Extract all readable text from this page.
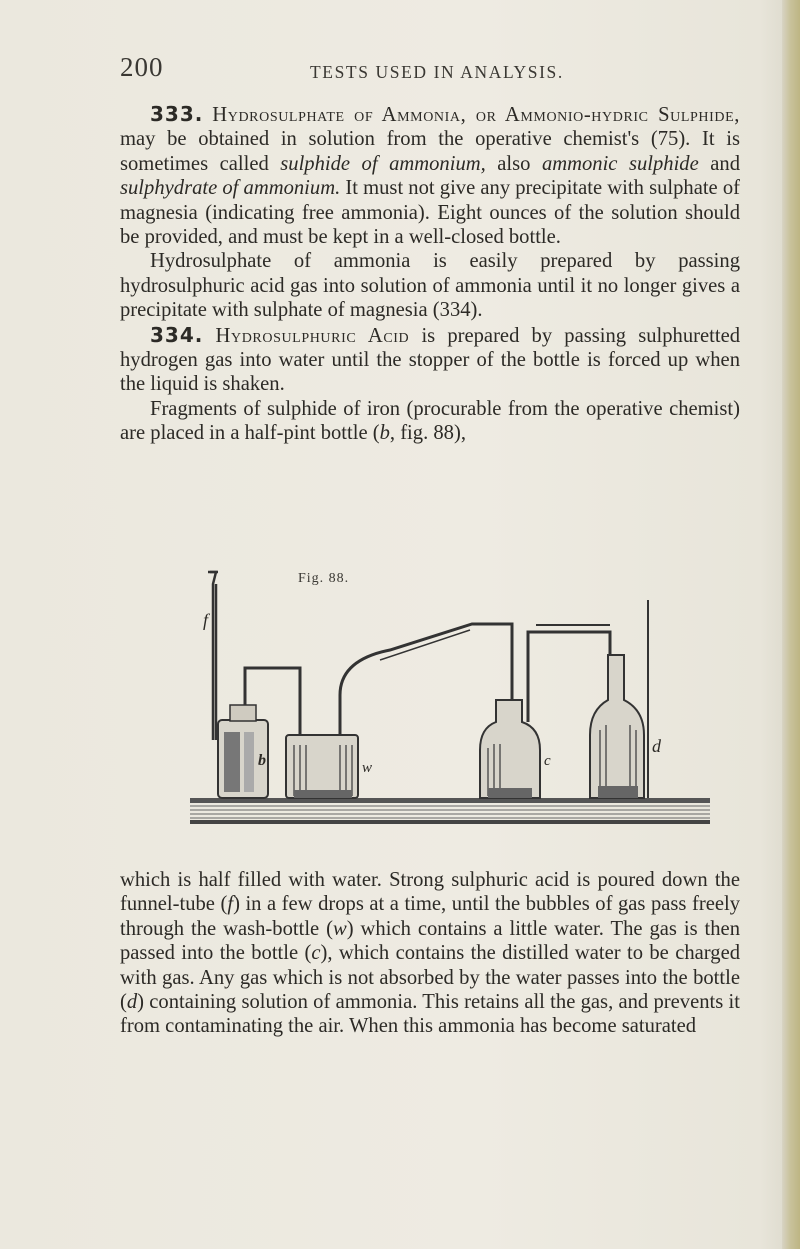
200	TESTS USED IN ANALYSIS.

333. Hydrosulphate of Ammonia, or Ammonio-hydric Sulphide, may be obtained in solution from the operative chemist's (75). It is sometimes called sulphide of ammonium, also ammonic sulphide and sulphydrate of ammonium. It must not give any precipitate with sulphate of magnesia (indicating free ammonia). Eight ounces of the solution should be provided, and must be kept in a well-closed bottle.

Hydrosulphate of ammonia is easily prepared by passing hydrosulphuric acid gas into solution of ammonia until it no longer gives a precipitate with sulphate of magnesia (334).

334. Hydrosulphuric Acid is prepared by passing sulphuretted hydrogen gas into water until the stopper of the bottle is forced up when the liquid is shaken.

Fragments of sulphide of iron (procurable from the operative chemist) are placed in a half-pint bottle (b, fig. 88),

Fig. 88.
f
b	w	c
d

which is half filled with water. Strong sulphuric acid is poured down the funnel-tube (f) in a few drops at a time, until the bubbles of gas pass freely through the wash-bottle (w) which contains a little water. The gas is then passed into the bottle (c), which contains the distilled water to be charged with gas. Any gas which is not absorbed by the water passes into the bottle (d) containing solution of ammonia. This retains all the gas, and prevents it from contaminating the air. When this ammonia has become saturated
